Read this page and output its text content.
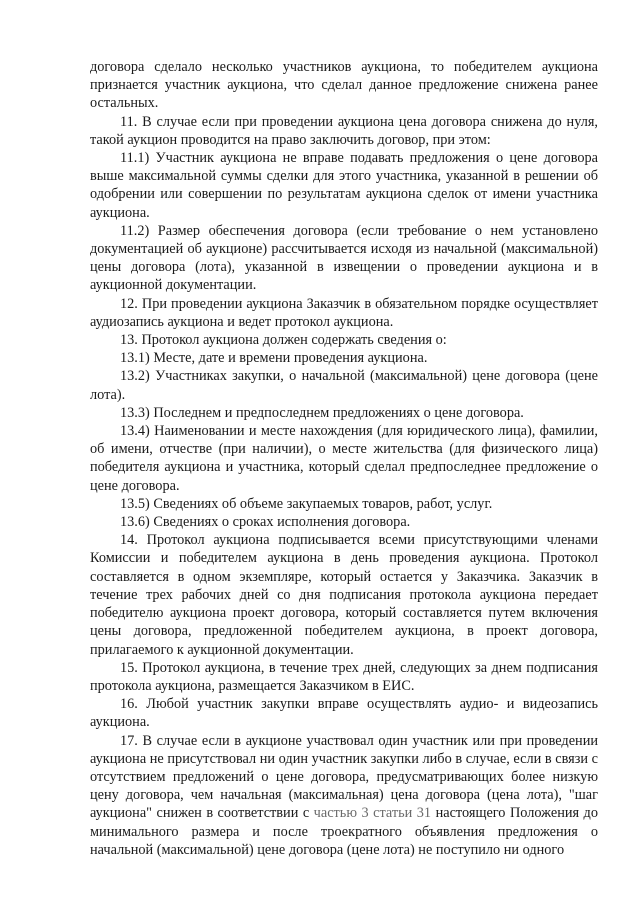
договора сделало несколько участников аукциона, то победителем аукциона признается участник аукциона, что сделал данное предложение снижена ранее остальных.

11. В случае если при проведении аукциона цена договора снижена до нуля, такой аукцион проводится на право заключить договор, при этом:

11.1) Участник аукциона не вправе подавать предложения о цене договора выше максимальной суммы сделки для этого участника, указанной в решении об одобрении или совершении по результатам аукциона сделок от имени участника аукциона.

11.2) Размер обеспечения договора (если требование о нем установлено документацией об аукционе) рассчитывается исходя из начальной (максимальной) цены договора (лота), указанной в извещении о проведении аукциона и в аукционной документации.

12. При проведении аукциона Заказчик в обязательном порядке осуществляет аудиозапись аукциона и ведет протокол аукциона.

13. Протокол аукциона должен содержать сведения о:

13.1) Месте, дате и времени проведения аукциона.

13.2) Участниках закупки, о начальной (максимальной) цене договора (цене лота).

13.3) Последнем и предпоследнем предложениях о цене договора.

13.4) Наименовании и месте нахождения (для юридического лица), фамилии, об имени, отчестве (при наличии), о месте жительства (для физического лица) победителя аукциона и участника, который сделал предпоследнее предложение о цене договора.

13.5) Сведениях об объеме закупаемых товаров, работ, услуг.

13.6) Сведениях о сроках исполнения договора.

14. Протокол аукциона подписывается всеми присутствующими членами Комиссии и победителем аукциона в день проведения аукциона. Протокол составляется в одном экземпляре, который остается у Заказчика. Заказчик в течение трех рабочих дней со дня подписания протокола аукциона передает победителю аукциона проект договора, который составляется путем включения цены договора, предложенной победителем аукциона, в проект договора, прилагаемого к аукционной документации.

15. Протокол аукциона, в течение трех дней, следующих за днем подписания протокола аукциона, размещается Заказчиком в ЕИС.

16. Любой участник закупки вправе осуществлять аудио- и видеозапись аукциона.

17. В случае если в аукционе участвовал один участник или при проведении аукциона не присутствовал ни один участник закупки либо в случае, если в связи с отсутствием предложений о цене договора, предусматривающих более низкую цену договора, чем начальная (максимальная) цена договора (цена лота), "шаг аукциона" снижен в соответствии с частью 3 статьи 31 настоящего Положения до минимального размера и после троекратного объявления предложения о начальной (максимальной) цене договора (цене лота) не поступило ни одного
